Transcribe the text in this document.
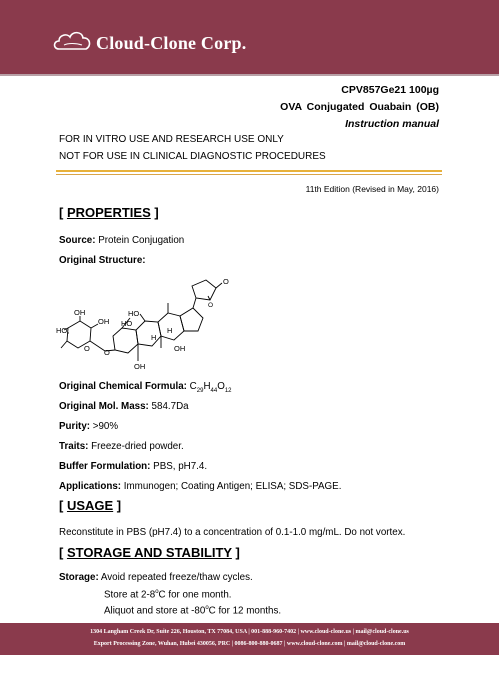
Cloud-Clone Corp.
CPV857Ge21 100µg
OVA Conjugated Ouabain (OB)
Instruction manual
FOR IN VITRO USE AND RESEARCH USE ONLY
NOT FOR USE IN CLINICAL DIAGNOSTIC PROCEDURES
11th Edition (Revised in May, 2016)
[ PROPERTIES ]
Source: Protein Conjugation
Original Structure:
O
O
HO
HO
OH
OH
HO,
O O
H
H
OH
OH
Original Chemical Formula: $C_{29}H_{44}O_{12}$
Original Mol. Mass: 584.7Da
Purity: >90%
Traits: Freeze-dried powder.
Buffer Formulation: PBS, pH7.4.
Applications: Immunogen; Coating Antigen; ELISA; SDS-PAGE.
[ USAGE ]
Reconstitute in PBS (pH7.4) to a concentration of 0.1-1.0 mg/mL. Do not vortex.
[ STORAGE AND STABILITY ]
Storage: Avoid repeated freeze/thaw cycles.
Store at 2-8$^o$C for one month.
Aliquot and store at -80$^o$C for 12 months.
1304 Langham Creek Dr, Suite 226, Houston, TX 77084, USA | 001-888-960-7402 | www.cloud-clone.us | mail@cloud-clone.us
Export Processing Zone, Wuhan, Hubei 430056, PRC | 0086-800-880-0687 | www.cloud-clone.com | mail@cloud-clone.com
